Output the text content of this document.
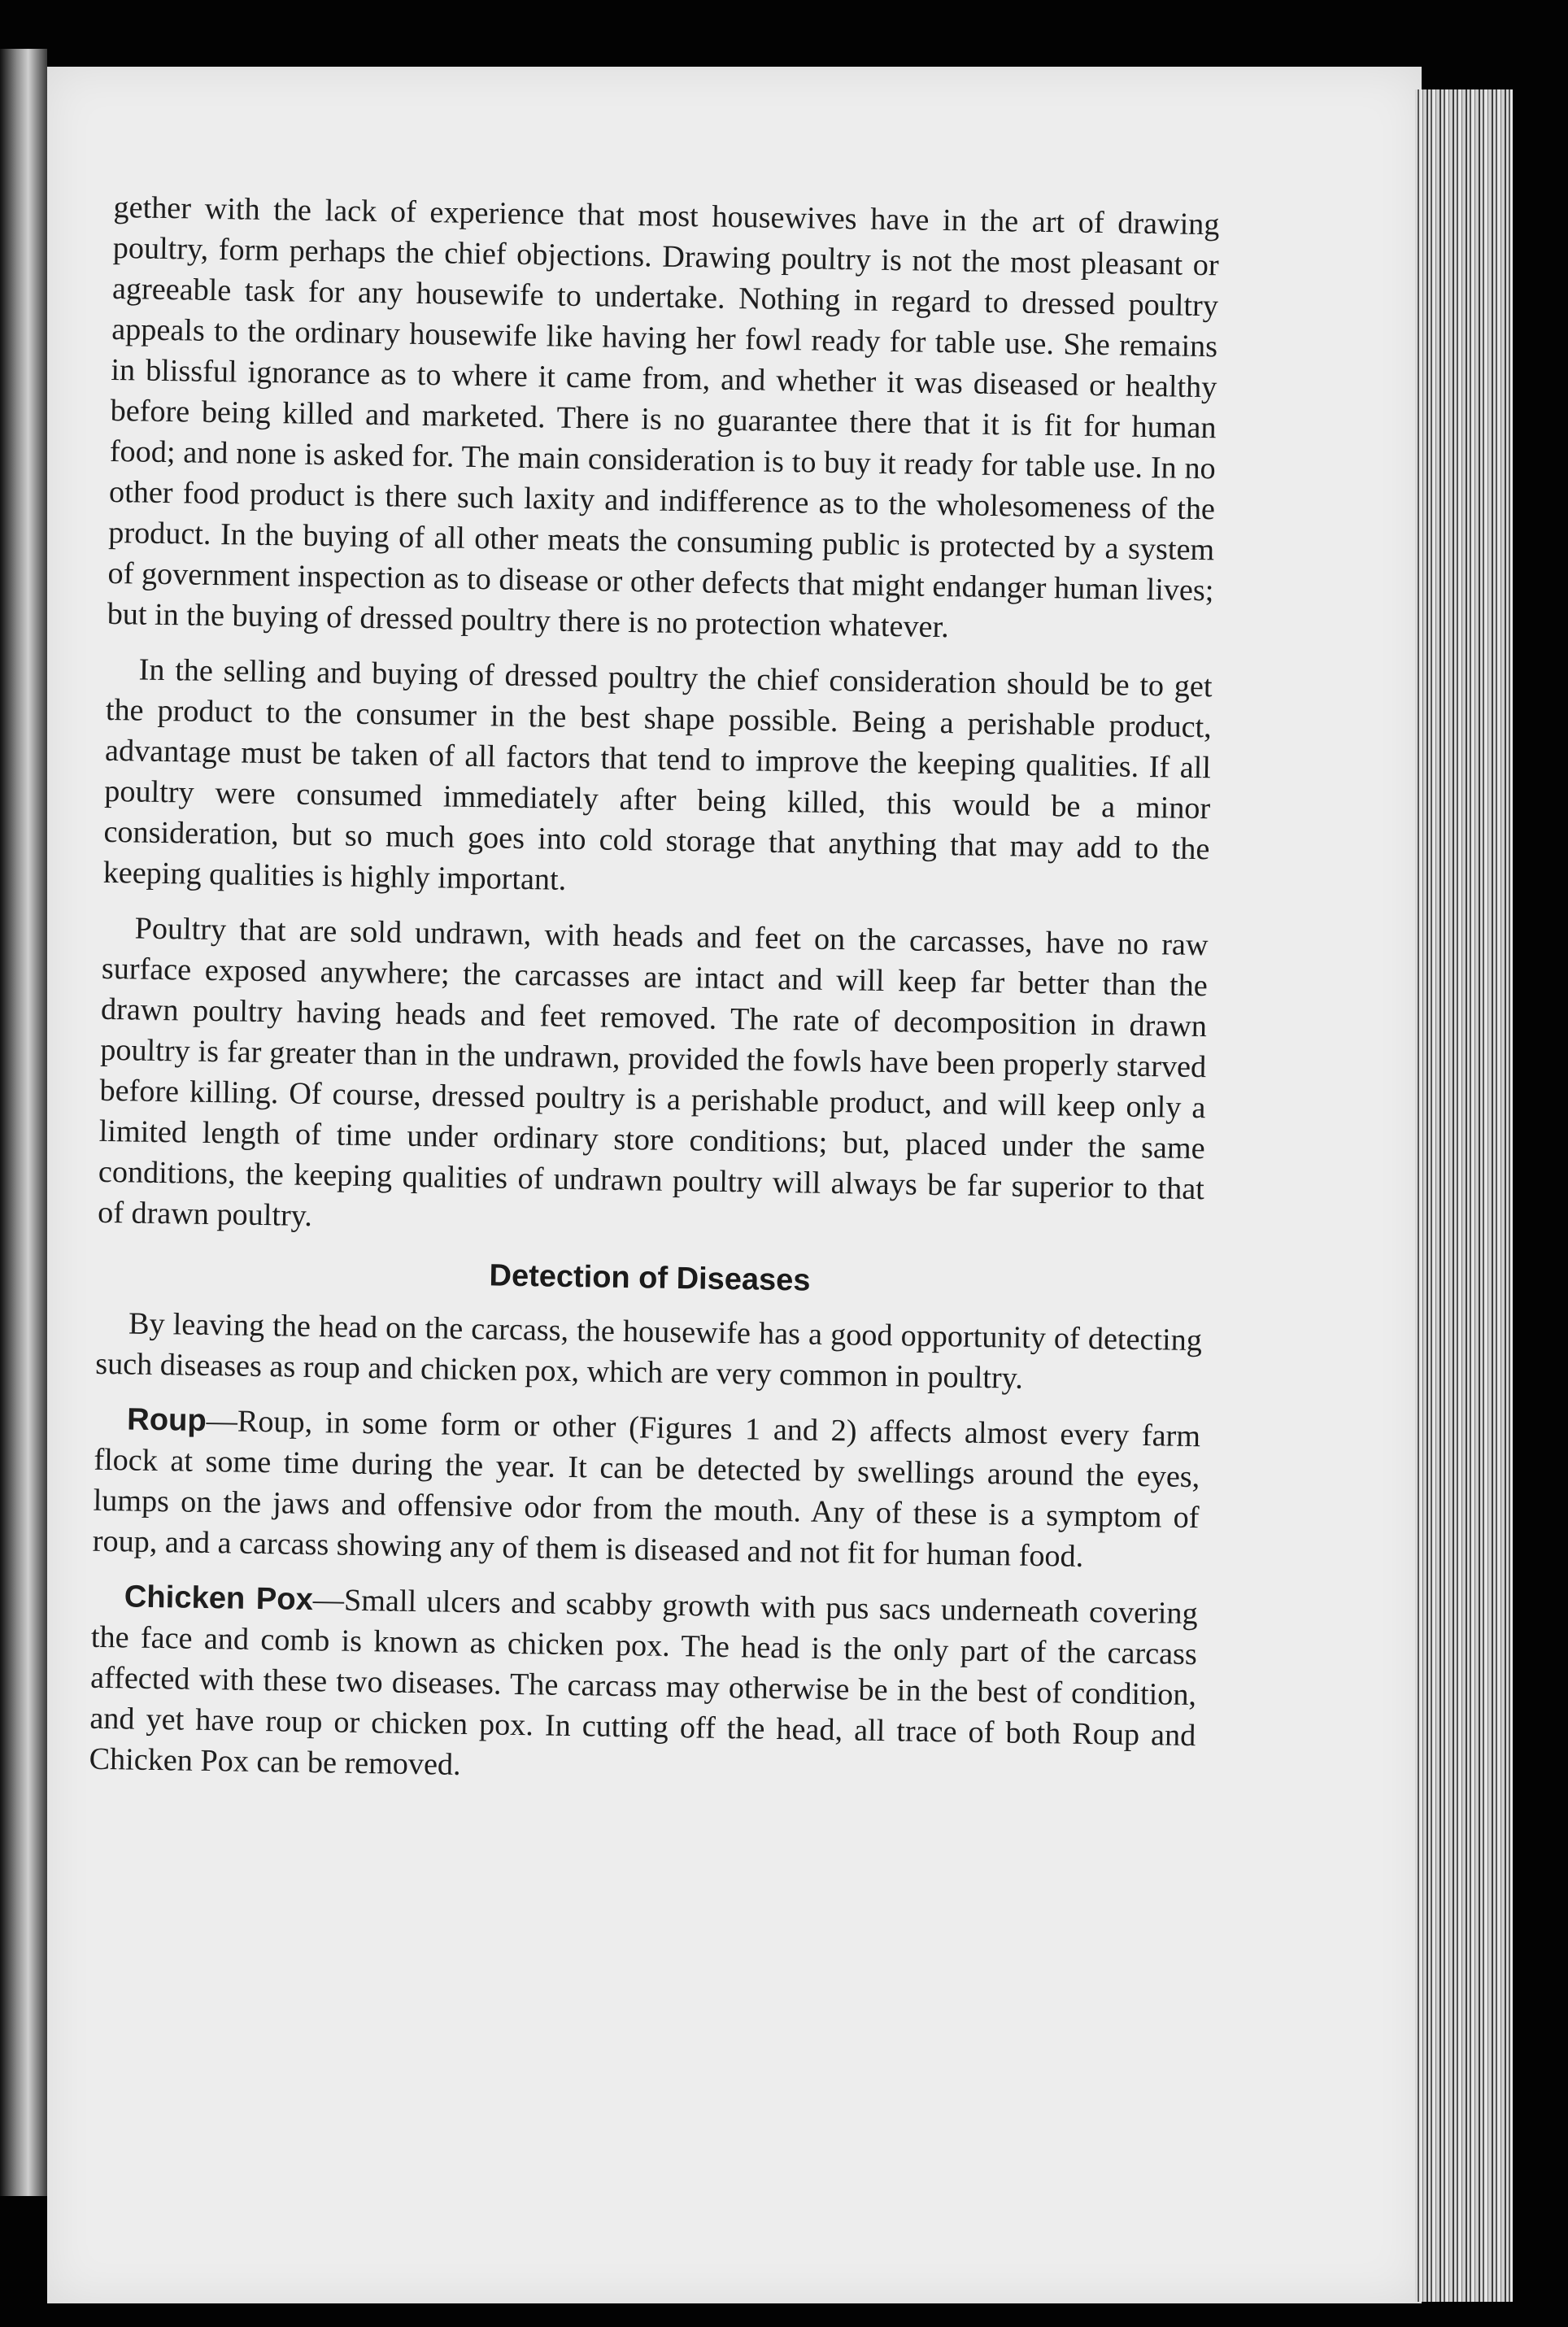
gether with the lack of experience that most housewives have in the art of drawing poultry, form perhaps the chief objections. Drawing poultry is not the most pleasant or agreeable task for any housewife to undertake. Nothing in regard to dressed poultry appeals to the ordinary housewife like having her fowl ready for table use. She remains in blissful ignorance as to where it came from, and whether it was diseased or healthy before being killed and marketed. There is no guarantee there that it is fit for human food; and none is asked for. The main consideration is to buy it ready for table use. In no other food product is there such laxity and indifference as to the wholesomeness of the product. In the buying of all other meats the consuming public is protected by a system of government inspection as to disease or other defects that might endanger human lives; but in the buying of dressed poultry there is no protection whatever.

In the selling and buying of dressed poultry the chief consideration should be to get the product to the consumer in the best shape possible. Being a perishable product, advantage must be taken of all factors that tend to improve the keeping qualities. If all poultry were consumed immediately after being killed, this would be a minor consideration, but so much goes into cold storage that anything that may add to the keeping qualities is highly important.

Poultry that are sold undrawn, with heads and feet on the carcasses, have no raw surface exposed anywhere; the carcasses are intact and will keep far better than the drawn poultry having heads and feet removed. The rate of decomposition in drawn poultry is far greater than in the undrawn, provided the fowls have been properly starved before killing. Of course, dressed poultry is a perishable product, and will keep only a limited length of time under ordinary store conditions; but, placed under the same conditions, the keeping qualities of undrawn poultry will always be far superior to that of drawn poultry.

Detection of Diseases

By leaving the head on the carcass, the housewife has a good opportunity of detecting such diseases as roup and chicken pox, which are very common in poultry.

Roup—Roup, in some form or other (Figures 1 and 2) affects almost every farm flock at some time during the year. It can be detected by swellings around the eyes, lumps on the jaws and offensive odor from the mouth. Any of these is a symptom of roup, and a carcass showing any of them is diseased and not fit for human food.

Chicken Pox—Small ulcers and scabby growth with pus sacs underneath covering the face and comb is known as chicken pox. The head is the only part of the carcass affected with these two diseases. The carcass may otherwise be in the best of condition, and yet have roup or chicken pox. In cutting off the head, all trace of both Roup and Chicken Pox can be removed.
